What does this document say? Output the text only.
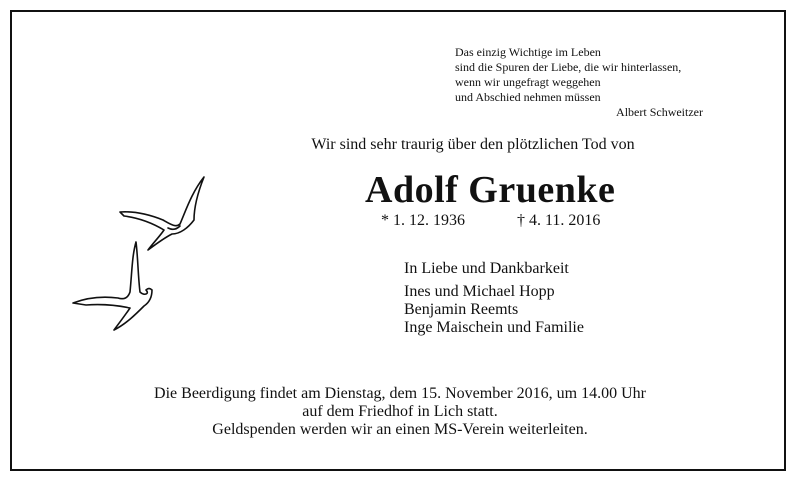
Das einzig Wichtige im Leben
sind die Spuren der Liebe, die wir hinterlassen,
wenn wir ungefragt weggehen
und Abschied nehmen müssen
Albert Schweitzer
Wir sind sehr traurig über den plötzlichen Tod von
Adolf Gruenke
* 1. 12. 1936	† 4. 11. 2016
In Liebe und Dankbarkeit
Ines und Michael Hopp
Benjamin Reemts
Inge Maischein und Familie
Die Beerdigung findet am Dienstag, dem 15. November 2016, um 14.00 Uhr
auf dem Friedhof in Lich statt.
Geldspenden werden wir an einen MS-Verein weiterleiten.
